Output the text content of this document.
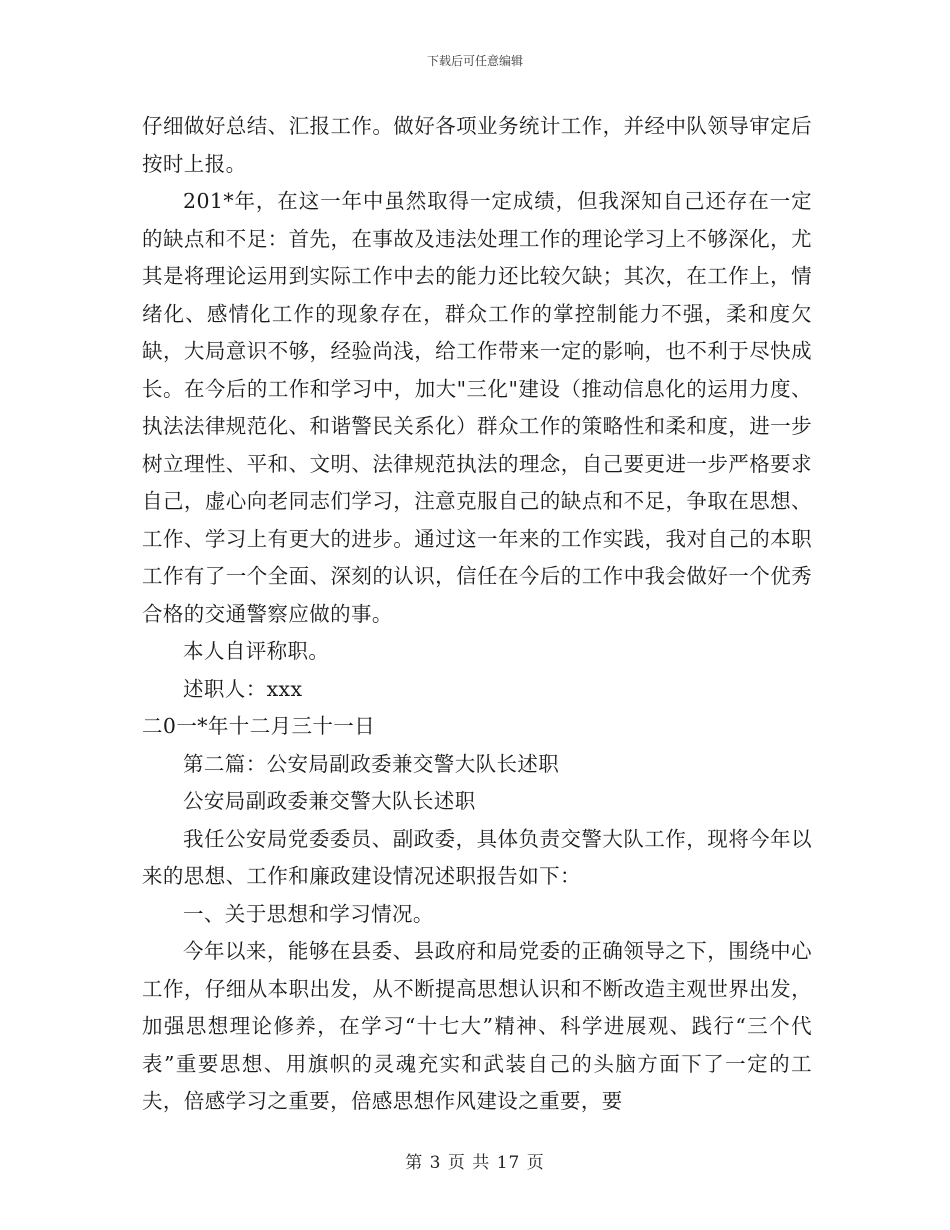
下载后可任意编辑

仔细做好总结、汇报工作。做好各项业务统计工作，并经中队领导审定后按时上报。

201*年，在这一年中虽然取得一定成绩，但我深知自己还存在一定的缺点和不足：首先，在事故及违法处理工作的理论学习上不够深化，尤其是将理论运用到实际工作中去的能力还比较欠缺；其次，在工作上，情绪化、感情化工作的现象存在，群众工作的掌控制能力不强，柔和度欠缺，大局意识不够，经验尚浅，给工作带来一定的影响，也不利于尽快成长。在今后的工作和学习中，加大"三化"建设（推动信息化的运用力度、执法法律规范化、和谐警民关系化）群众工作的策略性和柔和度，进一步树立理性、平和、文明、法律规范执法的理念，自己要更进一步严格要求自己，虚心向老同志们学习，注意克服自己的缺点和不足，争取在思想、工作、学习上有更大的进步。通过这一年来的工作实践，我对自己的本职工作有了一个全面、深刻的认识，信任在今后的工作中我会做好一个优秀合格的交通警察应做的事。

本人自评称职。

述职人：xxx

二0一*年十二月三十一日

第二篇：公安局副政委兼交警大队长述职

公安局副政委兼交警大队长述职

我任公安局党委委员、副政委，具体负责交警大队工作，现将今年以来的思想、工作和廉政建设情况述职报告如下：

一、关于思想和学习情况。

今年以来，能够在县委、县政府和局党委的正确领导之下，围绕中心工作，仔细从本职出发，从不断提高思想认识和不断改造主观世界出发，加强思想理论修养，在学习“十七大”精神、科学进展观、践行“三个代表”重要思想、用旗帜的灵魂充实和武装自己的头脑方面下了一定的工夫，倍感学习之重要，倍感思想作风建设之重要，要

第 3 页 共 17 页
